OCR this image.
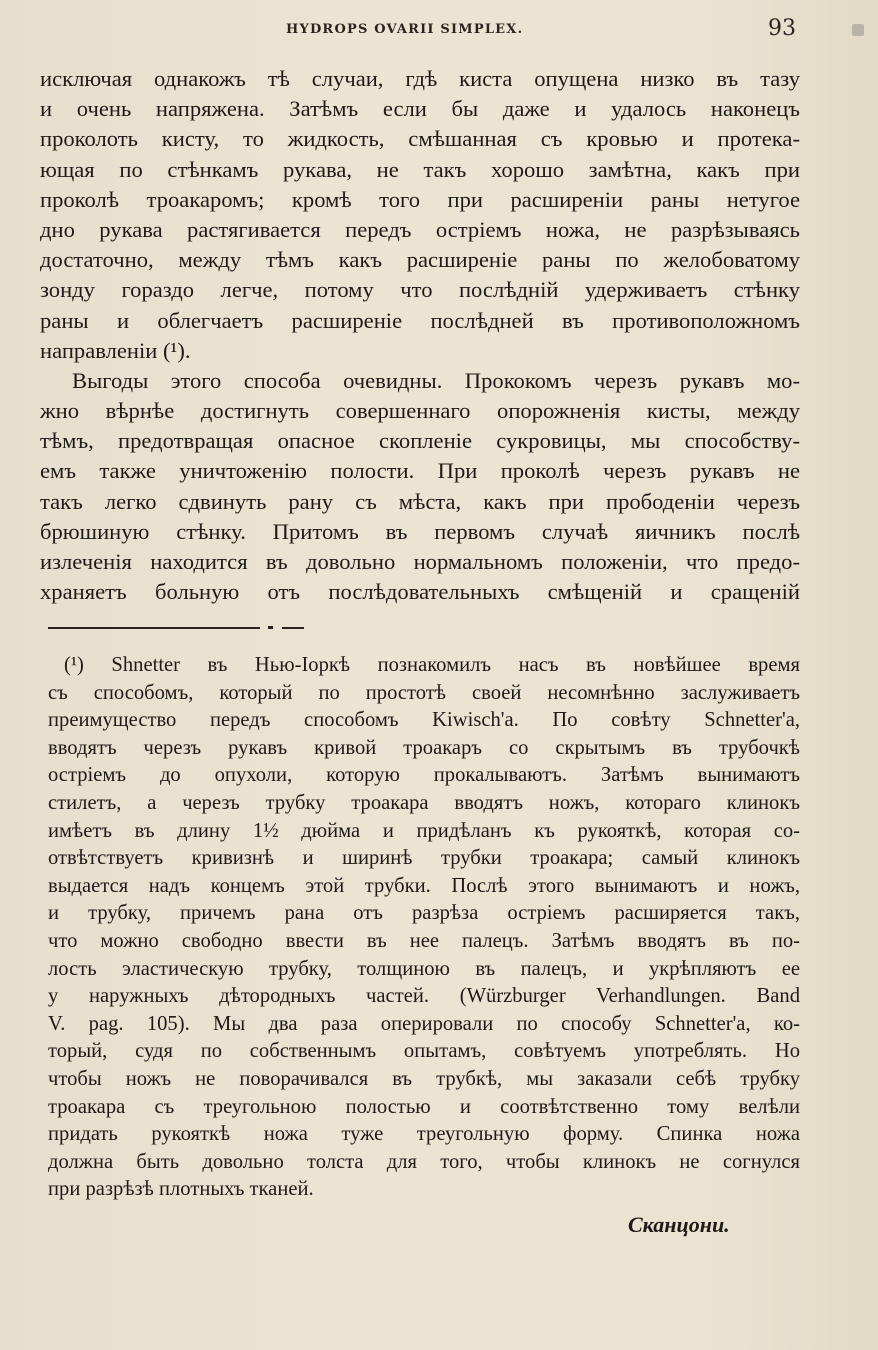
HYDROPS OVARII SIMPLEX.	93
исключая однакожъ тѣ случаи, гдѣ киста опущена низко въ тазу
и очень напряжена. Затѣмъ если бы даже и удалось наконецъ
проколоть кисту, то жидкость, смѣшанная съ кровью и протека-
ющая по стѣнкамъ рукава, не такъ хорошо замѣтна, какъ при
проколѣ троакаромъ; кромѣ того при расширеніи раны нетугое
дно рукава растягивается передъ остріемъ ножа, не разрѣзываясь
достаточно, между тѣмъ какъ расширеніе раны по желобоватому
зонду гораздо легче, потому что послѣдній удерживаетъ стѣнку
раны и облегчаетъ расширеніе послѣдней въ противоположномъ
направленіи (¹).
Выгоды этого способа очевидны. Прококомъ черезъ рукавъ мо-
жно вѣрнѣе достигнуть совершеннаго опорожненія кисты, между
тѣмъ, предотвращая опасное скопленіе сукровицы, мы способству-
емъ также уничтоженію полости. При проколѣ черезъ рукавъ не
такъ легко сдвинуть рану съ мѣста, какъ при прободеніи черезъ
брюшиную стѣнку. Притомъ въ первомъ случаѣ яичникъ послѣ
излеченія находится въ довольно нормальномъ положеніи, что предо-
храняетъ больную отъ послѣдовательныхъ смѣщеній и сращеній
(¹) Shnetter въ Нью-Іоркѣ познакомилъ насъ въ новѣйшее время
съ способомъ, который по простотѣ своей несомнѣнно заслуживаетъ
преимущество передъ способомъ Kiwisch'a. По совѣту Schnetter'a,
вводятъ черезъ рукавъ кривой троакаръ со скрытымъ въ трубочкѣ
остріемъ до опухоли, которую прокалываютъ. Затѣмъ вынимаютъ
стилетъ, а черезъ трубку троакара вводятъ ножъ, котораго клинокъ
имѣетъ въ длину 1½ дюйма и придѣланъ къ рукояткѣ, которая со-
отвѣтствуетъ кривизнѣ и ширинѣ трубки троакара; самый клинокъ
выдается надъ концемъ этой трубки. Послѣ этого вынимаютъ и ножъ,
и трубку, причемъ рана отъ разрѣза остріемъ расширяется такъ,
что можно свободно ввести въ нее палецъ. Затѣмъ вводятъ въ по-
лость эластическую трубку, толщиною въ палецъ, и укрѣпляютъ ее
у наружныхъ дѣтородныхъ частей. (Würzburger Verhandlungen. Band
V. pag. 105). Мы два раза оперировали по способу Schnetter'a, ко-
торый, судя по собственнымъ опытамъ, совѣтуемъ употреблять. Но
чтобы ножъ не поворачивался въ трубкѣ, мы заказали себѣ трубку
троакара съ треугольною полостью и соотвѣтственно тому велѣли
придать рукояткѣ ножа туже треугольную форму. Спинка ножа
должна быть довольно толста для того, чтобы клинокъ не согнулся
при разрѣзѣ плотныхъ тканей.
Сканцони.
